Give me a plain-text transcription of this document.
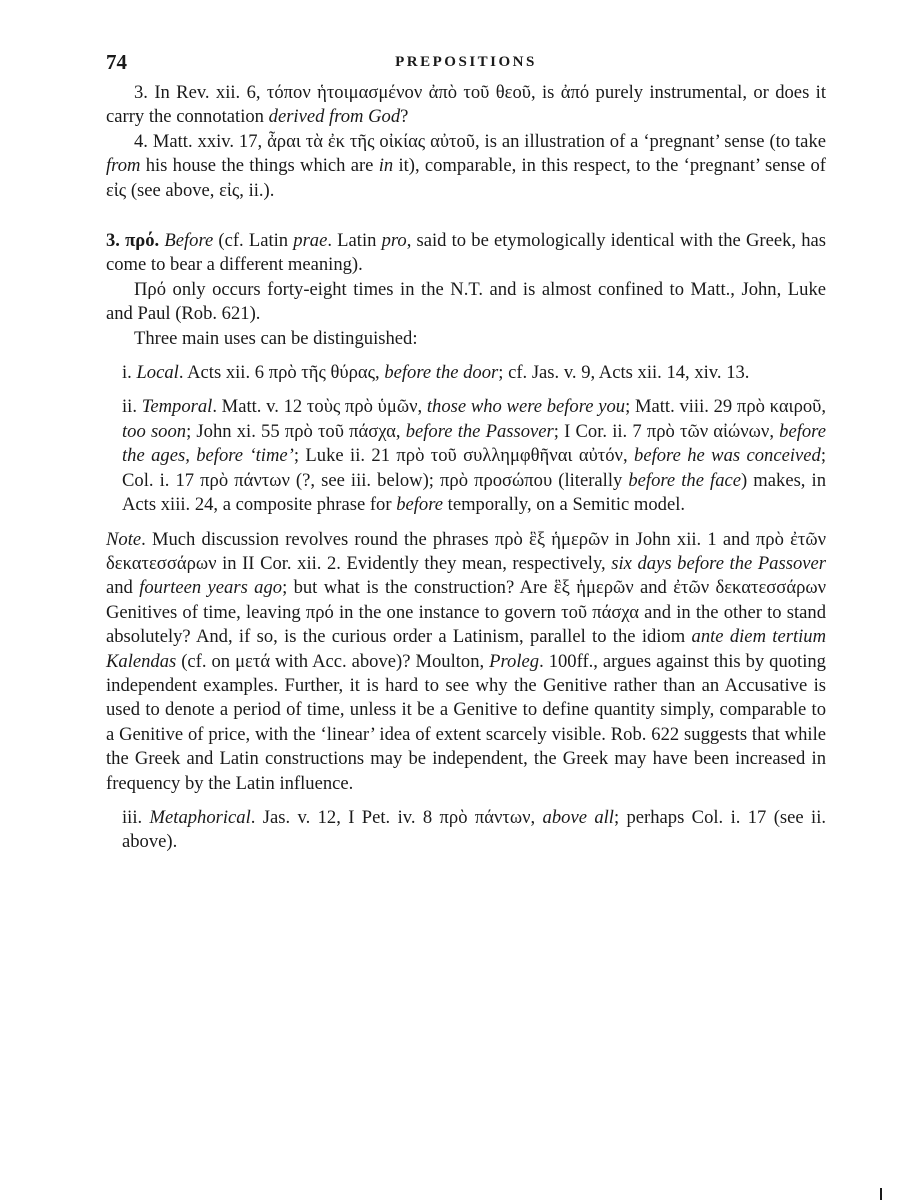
74	PREPOSITIONS

3. In Rev. xii. 6, τόπον ἡτοιμασμένον ἀπὸ τοῦ θεοῦ, is ἀπό purely instrumental, or does it carry the connotation derived from God?

4. Matt. xxiv. 17, ἆραι τὰ ἐκ τῆς οἰκίας αὐτοῦ, is an illustration of a ‘pregnant’ sense (to take from his house the things which are in it), comparable, in this respect, to the ‘pregnant’ sense of εἰς (see above, εἰς, ii.).

3. πρό. Before (cf. Latin prae. Latin pro, said to be etymologically identical with the Greek, has come to bear a different meaning).

Πρό only occurs forty-eight times in the N.T. and is almost confined to Matt., John, Luke and Paul (Rob. 621).

Three main uses can be distinguished:

i. Local. Acts xii. 6 πρὸ τῆς θύρας, before the door; cf. Jas. v. 9, Acts xii. 14, xiv. 13.

ii. Temporal. Matt. v. 12 τοὺς πρὸ ὑμῶν, those who were before you; Matt. viii. 29 πρὸ καιροῦ, too soon; John xi. 55 πρὸ τοῦ πάσχα, before the Passover; I Cor. ii. 7 πρὸ τῶν αἰώνων, before the ages, before ‘time’; Luke ii. 21 πρὸ τοῦ συλλημφθῆναι αὐτόν, before he was conceived; Col. i. 17 πρὸ πάντων (?, see iii. below); πρὸ προσώπου (literally before the face) makes, in Acts xiii. 24, a composite phrase for before temporally, on a Semitic model.

Note. Much discussion revolves round the phrases πρὸ ἓξ ἡμερῶν in John xii. 1 and πρὸ ἐτῶν δεκατεσσάρων in II Cor. xii. 2. Evidently they mean, respectively, six days before the Passover and fourteen years ago; but what is the construction? Are ἓξ ἡμερῶν and ἐτῶν δεκατεσσάρων Genitives of time, leaving πρό in the one instance to govern τοῦ πάσχα and in the other to stand absolutely? And, if so, is the curious order a Latinism, parallel to the idiom ante diem tertium Kalendas (cf. on μετά with Acc. above)? Moulton, Proleg. 100ff., argues against this by quoting independent examples. Further, it is hard to see why the Genitive rather than an Accusative is used to denote a period of time, unless it be a Genitive to define quantity simply, comparable to a Genitive of price, with the ‘linear’ idea of extent scarcely visible. Rob. 622 suggests that while the Greek and Latin constructions may be independent, the Greek may have been increased in frequency by the Latin influence.

iii. Metaphorical. Jas. v. 12, I Pet. iv. 8 πρὸ πάντων, above all; perhaps Col. i. 17 (see ii. above).
